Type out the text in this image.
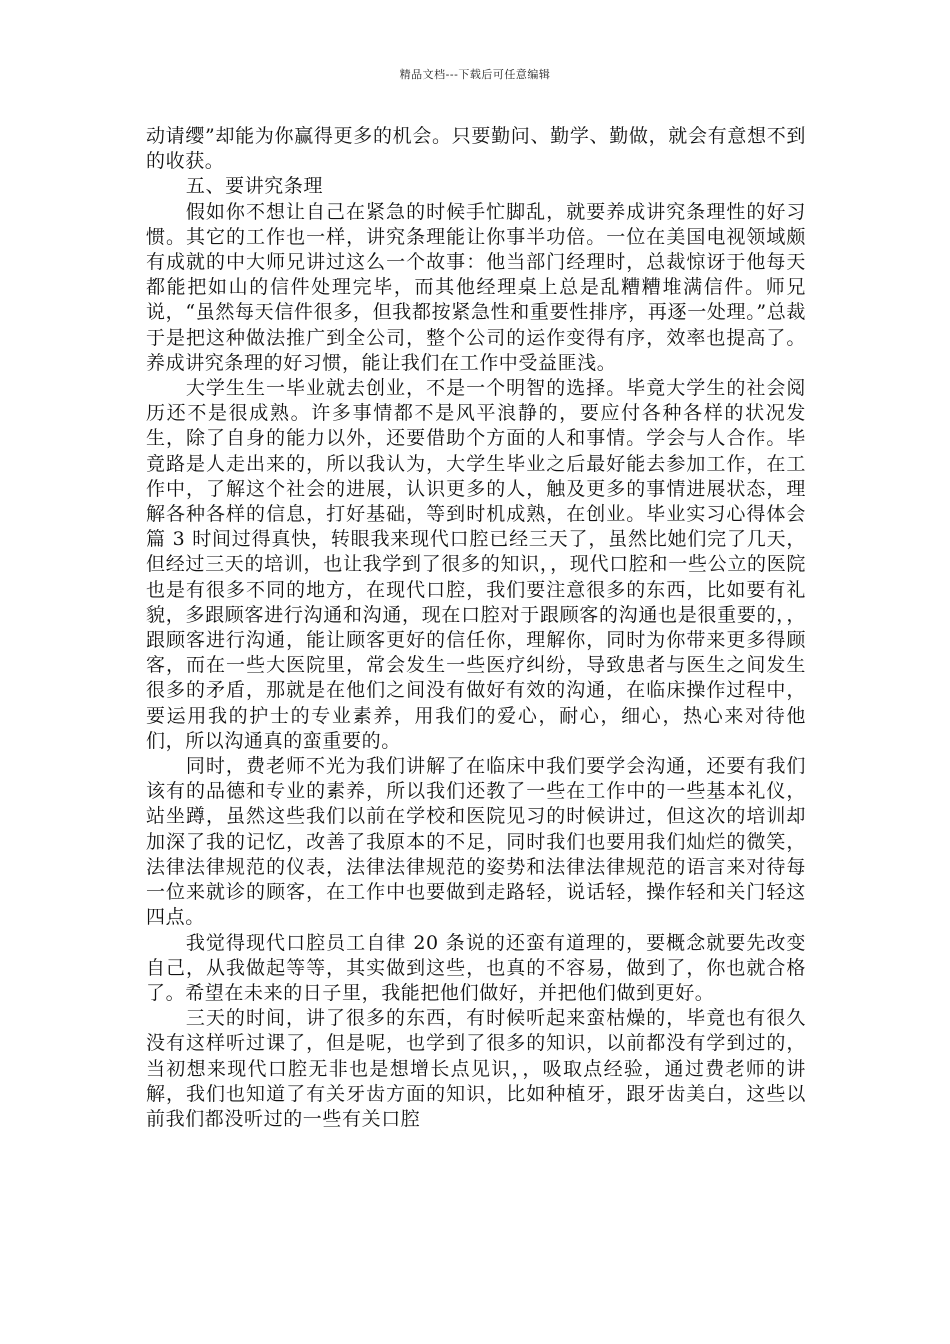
精品文档---下载后可任意编辑

动请缨”却能为你赢得更多的机会。只要勤问、勤学、勤做，就会有意想不到的收获。

五、要讲究条理

假如你不想让自己在紧急的时候手忙脚乱，就要养成讲究条理性的好习惯。其它的工作也一样，讲究条理能让你事半功倍。一位在美国电视领域颇有成就的中大师兄讲过这么一个故事：他当部门经理时，总裁惊讶于他每天都能把如山的信件处理完毕，而其他经理桌上总是乱糟糟堆满信件。师兄说，“虽然每天信件很多，但我都按紧急性和重要性排序，再逐一处理。”总裁于是把这种做法推广到全公司，整个公司的运作变得有序，效率也提高了。养成讲究条理的好习惯，能让我们在工作中受益匪浅。

大学生生一毕业就去创业，不是一个明智的选择。毕竟大学生的社会阅历还不是很成熟。许多事情都不是风平浪静的，要应付各种各样的状况发生，除了自身的能力以外，还要借助个方面的人和事情。学会与人合作。毕竟路是人走出来的，所以我认为，大学生毕业之后最好能去参加工作，在工作中，了解这个社会的进展，认识更多的人，触及更多的事情进展状态，理解各种各样的信息，打好基础，等到时机成熟，在创业。毕业实习心得体会 篇 3 时间过得真快，转眼我来现代口腔已经三天了，虽然比她们完了几天，但经过三天的培训，也让我学到了很多的知识，，现代口腔和一些公立的医院也是有很多不同的地方，在现代口腔，我们要注意很多的东西，比如要有礼貌，多跟顾客进行沟通和沟通，现在口腔对于跟顾客的沟通也是很重要的，，跟顾客进行沟通，能让顾客更好的信任你，理解你，同时为你带来更多得顾客，而在一些大医院里，常会发生一些医疗纠纷，导致患者与医生之间发生很多的矛盾，那就是在他们之间没有做好有效的沟通，在临床操作过程中，要运用我的护士的专业素养，用我们的爱心，耐心，细心，热心来对待他们，所以沟通真的蛮重要的。

同时，费老师不光为我们讲解了在临床中我们要学会沟通，还要有我们该有的品德和专业的素养，所以我们还教了一些在工作中的一些基本礼仪，站坐蹲，虽然这些我们以前在学校和医院见习的时候讲过，但这次的培训却加深了我的记忆，改善了我原本的不足，同时我们也要用我们灿烂的微笑，法律法律规范的仪表，法律法律规范的姿势和法律法律规范的语言来对待每一位来就诊的顾客，在工作中也要做到走路轻，说话轻，操作轻和关门轻这四点。

我觉得现代口腔员工自律 20 条说的还蛮有道理的，要概念就要先改变自己，从我做起等等，其实做到这些，也真的不容易，做到了，你也就合格了。希望在未来的日子里，我能把他们做好，并把他们做到更好。

三天的时间，讲了很多的东西，有时候听起来蛮枯燥的，毕竟也有很久没有这样听过课了，但是呢，也学到了很多的知识，以前都没有学到过的，当初想来现代口腔无非也是想增长点见识，，吸取点经验，通过费老师的讲解，我们也知道了有关牙齿方面的知识，比如种植牙，跟牙齿美白，这些以前我们都没听过的一些有关口腔
